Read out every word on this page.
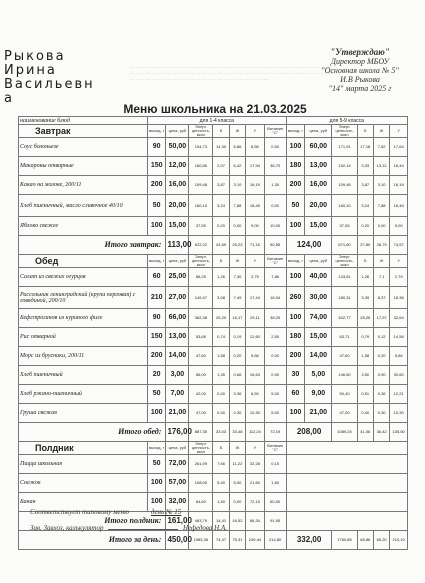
Рыкова
Ирина
Васильевн
а
···················································································································
···················································································································
·············································································
"Утверждаю"
Директор МБОУ
"Основная школа № 5"
И.В Рыкова
"14" марта 2025 г
Меню школьника на 21.03.2025
наименование блюд	для 1-4 класса							для 5-9 класса					
Завтрак	выход, г	цена, руб	Энерг. ценность, ккал	Б	Ж	У	Витамин "С"	выход, г	цена, руб	Энерг. ценность, ккал	Б	Ж	У
Соус болоньезе	90	50,00	154,73	14,30	6,86	8,56	0,50	100	60,00	171,91	17,18	7,62	17,64
Макароны отварные	150	12,00	160,86	2,07	6,42	17,94	36,70	180	13,00	192,14	3,33	13,12	18,44
Какао на молоке, 200/11	200	16,00	109,48	3,87	3,10	16,19	1,30	200	16,00	109,48	3,87	3,10	16,19
Хлеб пшеничный, масло сливочное 40/10	50	20,00	160,10	3,24	7,88	18,45	0,00	50	20,00	160,10	3,24	7,88	18,45
Яблоко свежее	100	15,00	37,55	0,20	0,00	9,00	10,00	100	15,00	37,55	0,20	0,00	9,00
Итого завтрак:		113,00	622,22	24,69	25,23	71,16	50,55	124,00		671,60	27,80	28,79	74,57
Обед	выход, г	цена, руб	Энерг. ценность, ккал	Б	Ж	У	Витамин "С"	выход, г	цена, руб	Энерг. ценность, ккал	Б	Ж	У
Салат из свежих огурцов	60	25,00	66,25	1,26	7,30	2,79	7,86	100	40,00	143,61	1,26	7,1	2,79
Рассольник ленинградский (крупа перловая) с говядиной, 200/10	210	27,00	149,47	3,08	7,49	17,44	16,04	260	30,00	180,31	3,39	8,37	18,36
Бефстроганов из куриного филе	90	66,00	362,38	25,20	16,17	29,11	38,29	100	74,00	402,77	28,25	17,97	32,64
Рис отварной	150	13,00	53,68	0,74	0,19	12,60	2,50	180	15,00	63,71	0,79	0,12	14,56
Морс из брусники, 200/11	200	14,00	47,60	1,58	0,20	9,66	0,00	200	14,00	47,60	1,58	0,20	9,66
Хлеб пшеничный	20	3,00	56,00	1,35	0,66	16,63	0,00	30	5,00	146,50	3,50	0,90	30,60
Хлеб ржано-пшеничный	50	7,00	42,00	0,40	3,36	6,50	5,00	60	9,00	50,40	0,51	0,36	12,21
Груша свежая	100	21,00	47,00	0,40	0,30	10,30	5,00	100	21,00	47,00	0,40	0,30	10,30
Итого обед:		176,00	887,35	33,03	33,48	112,24	72,19	208,00		1089,25	41,06	36,42	135,50
Полдник	выход, г	цена, руб	Энерг. ценность, ккал	Б	Ж	У	Витамин "С"						
Пицца школьная	50	72,00	261,09	7,66	11,22	32,28	0,15						
Снежок	100	57,00	108,00	5,40	5,00	21,60	1,60						
Банан	100	32,00	84,60	1,50	0,00	72,15	60,00						
Итого полдник:		161,00	463,79	14,41	16,52	66,34	91,95						
Итого за день:		450,00	1983,36	74,47	75,31	249,44	214,80	332,00		1760,85	68,86	65,20	210,10
Соответствует типовому меню	день № 15
Зав. Завхоз, калькулятор	Нефедова Н.А.
